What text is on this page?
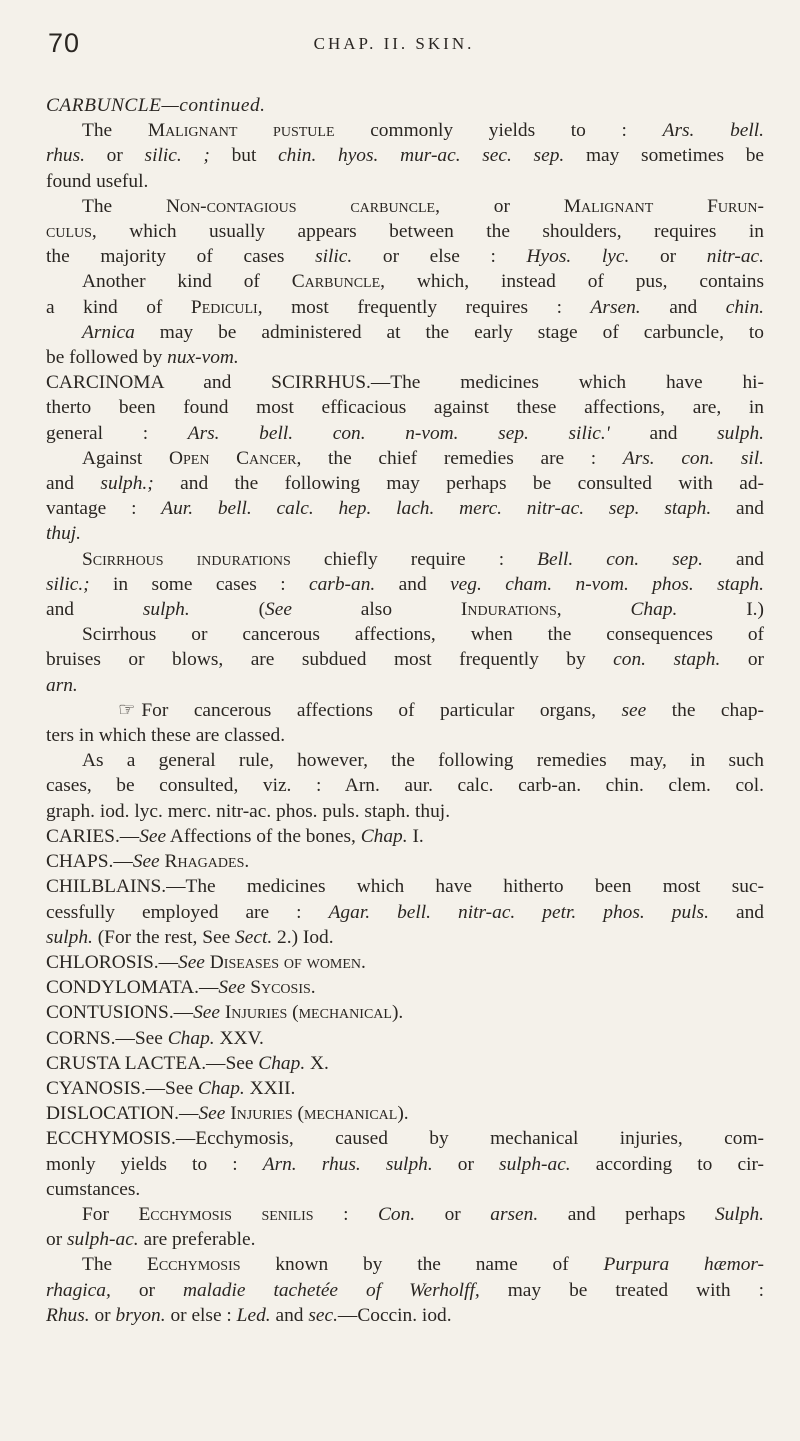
70	CHAP. II. SKIN.
CARBUNCLE—continued.
The Malignant pustule commonly yields to : Ars. bell.
rhus. or silic. ; but chin. hyos. mur-ac. sec. sep. may sometimes be
found useful.
The Non-contagious carbuncle, or Malignant Furun-
culus, which usually appears between the shoulders, requires in
the majority of cases silic. or else : Hyos. lyc. or nitr-ac.
Another kind of Carbuncle, which, instead of pus, contains
a kind of Pediculi, most frequently requires : Arsen. and chin.
Arnica may be administered at the early stage of carbuncle, to
be followed by nux-vom.
CARCINOMA and SCIRRHUS.—The medicines which have hi-
therto been found most efficacious against these affections, are, in
general : Ars. bell. con. n-vom. sep. silic.' and sulph.
Against Open Cancer, the chief remedies are : Ars. con. sil.
and sulph.; and the following may perhaps be consulted with ad-
vantage : Aur. bell. calc. hep. lach. merc. nitr-ac. sep. staph. and
thuj.
Scirrhous indurations chiefly require : Bell. con. sep. and
silic.; in some cases : carb-an. and veg. cham. n-vom. phos. staph.
and sulph. (See also Indurations, Chap. I.)
Scirrhous or cancerous affections, when the consequences of
bruises or blows, are subdued most frequently by con. staph. or
arn.
☞ For cancerous affections of particular organs, see the chap-
ters in which these are classed.
As a general rule, however, the following remedies may, in such
cases, be consulted, viz. : Arn. aur. calc. carb-an. chin. clem. col.
graph. iod. lyc. merc. nitr-ac. phos. puls. staph. thuj.
CARIES.—See Affections of the bones, Chap. I.
CHAPS.—See Rhagades.
CHILBLAINS.—The medicines which have hitherto been most suc-
cessfully employed are : Agar. bell. nitr-ac. petr. phos. puls. and
sulph. (For the rest, See Sect. 2.) Iod.
CHLOROSIS.—See Diseases of women.
CONDYLOMATA.—See Sycosis.
CONTUSIONS.—See Injuries (mechanical).
CORNS.—See Chap. XXV.
CRUSTA LACTEA.—See Chap. X.
CYANOSIS.—See Chap. XXII.
DISLOCATION.—See Injuries (mechanical).
ECCHYMOSIS.—Ecchymosis, caused by mechanical injuries, com-
monly yields to : Arn. rhus. sulph. or sulph-ac. according to cir-
cumstances.
For Ecchymosis senilis : Con. or arsen. and perhaps Sulph.
or sulph-ac. are preferable.
The Ecchymosis known by the name of Purpura hæmor-
rhagica, or maladie tachetée of Werholff, may be treated with :
Rhus. or bryon. or else : Led. and sec.—Coccin. iod.
